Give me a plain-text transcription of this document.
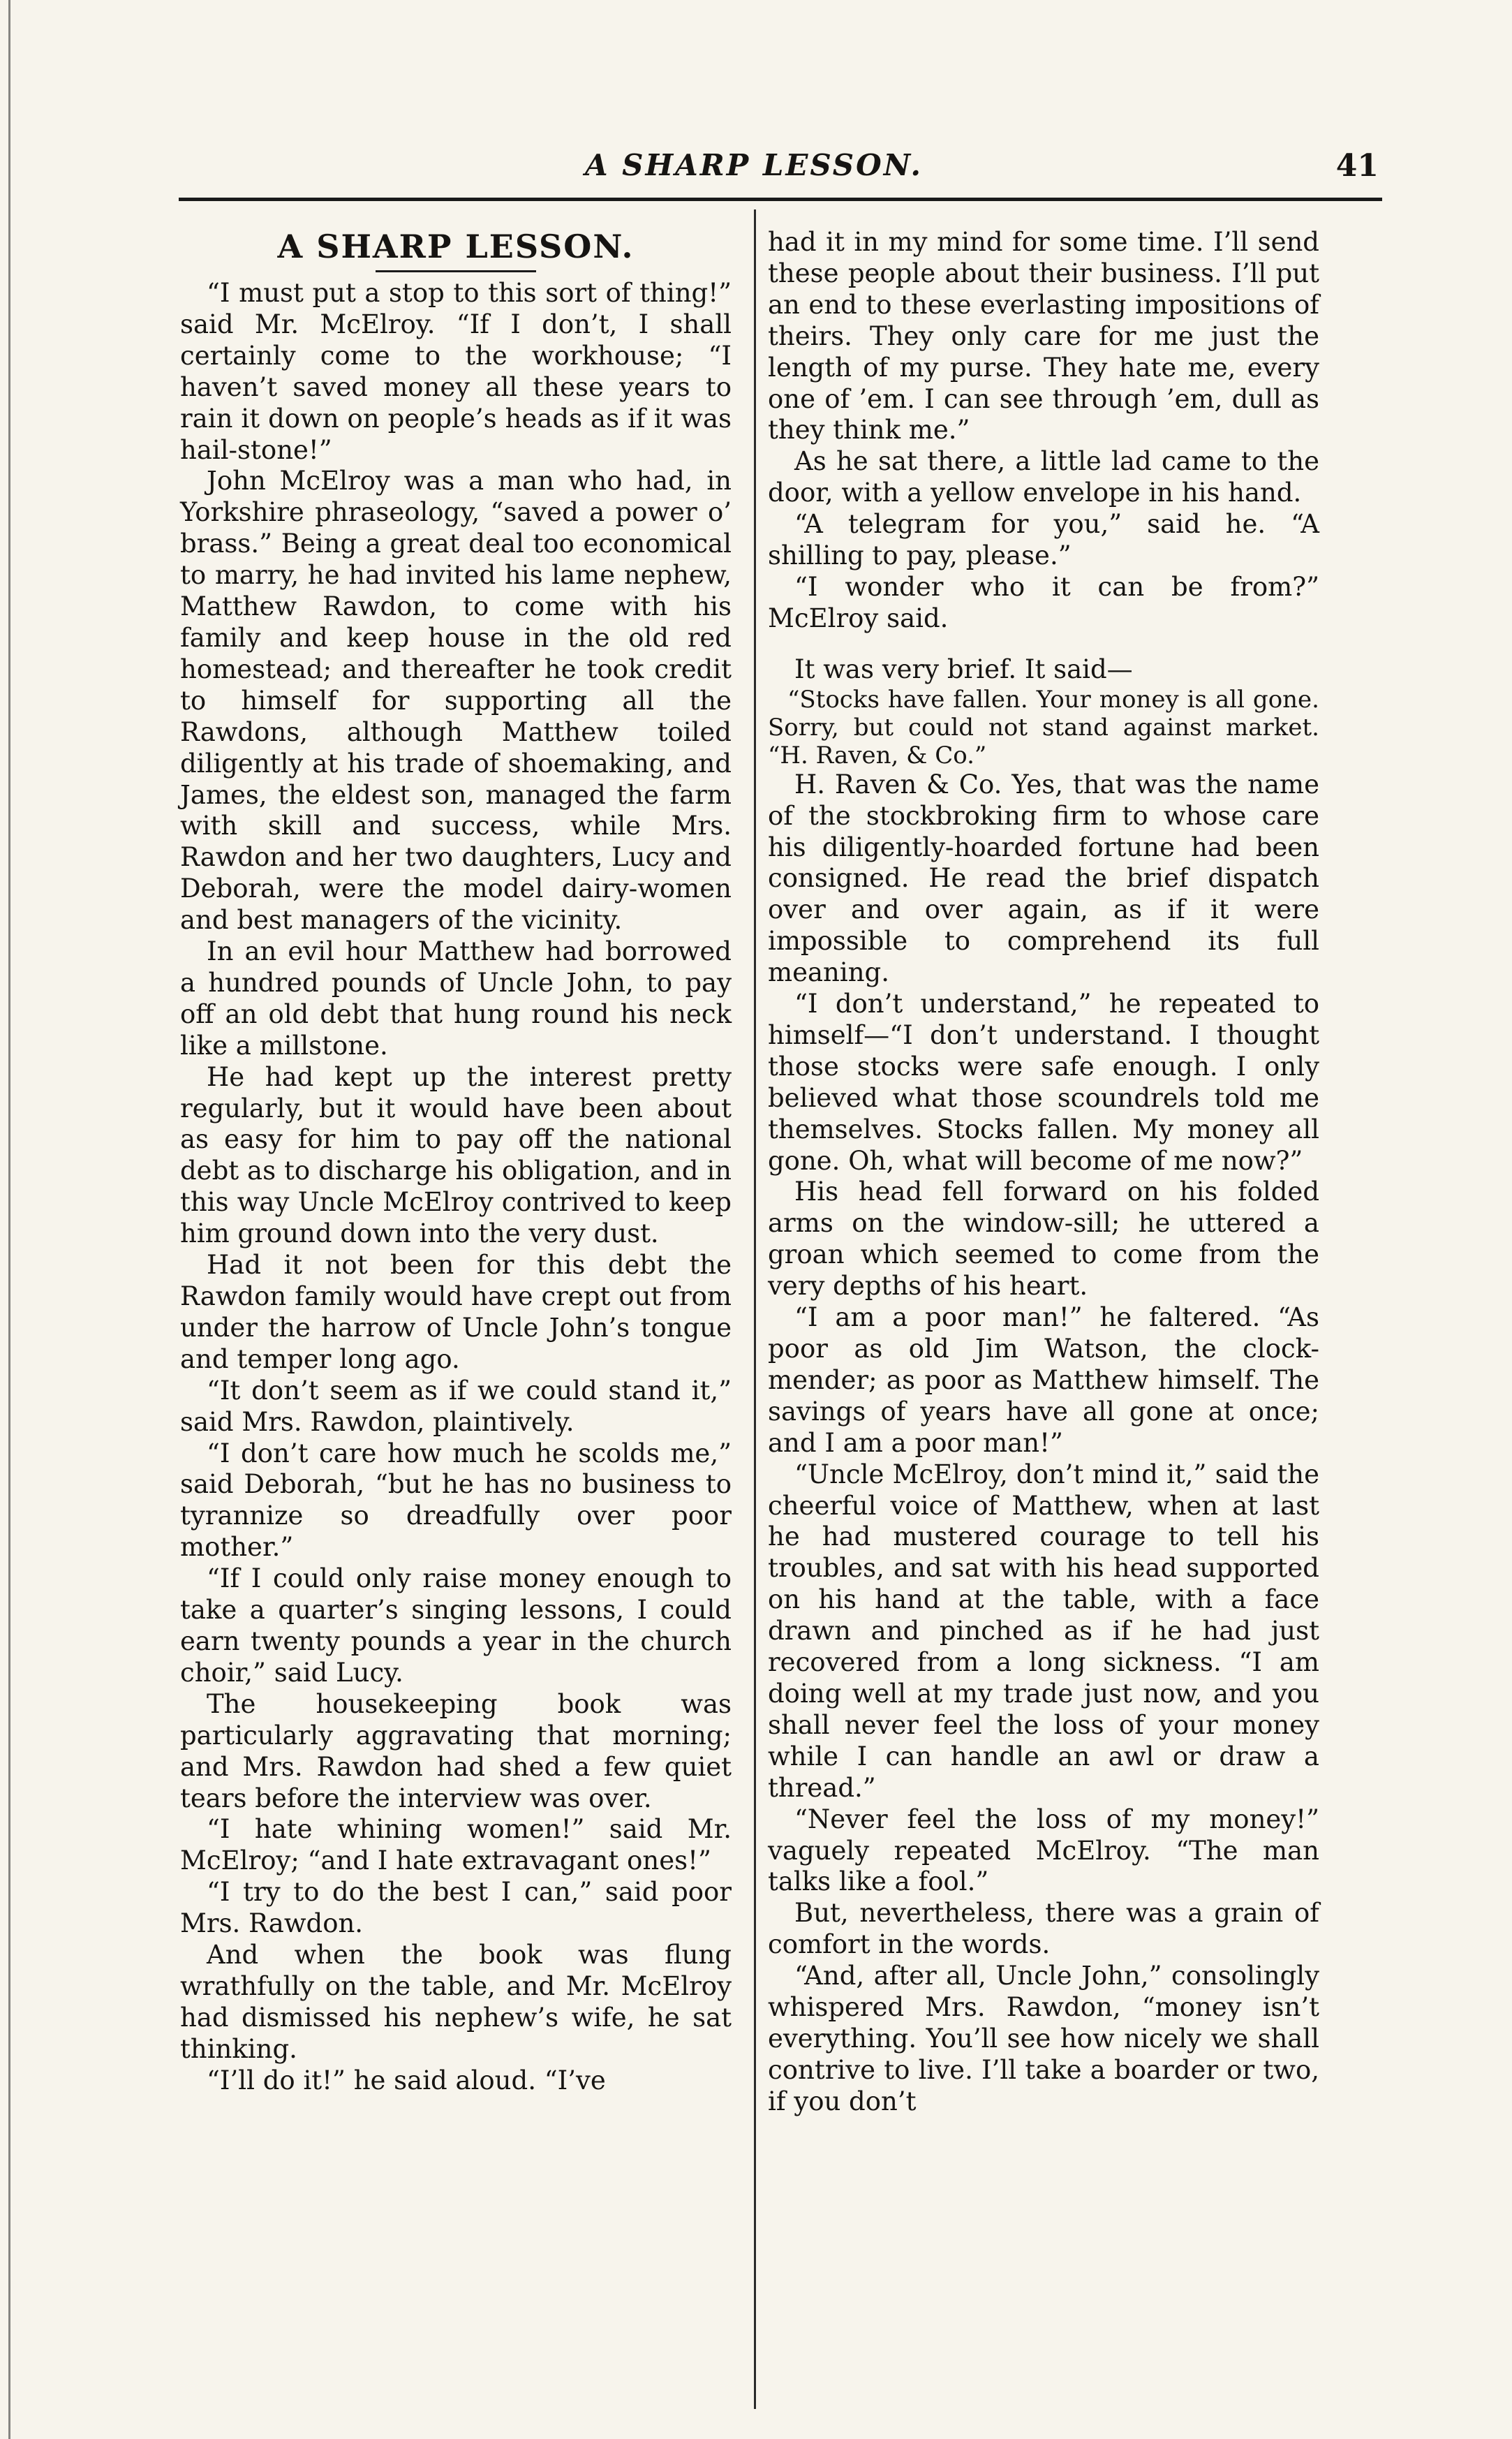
A SHARP LESSON.	41
A SHARP LESSON.

“I must put a stop to this sort of thing!” said Mr. McElroy. “If I don’t, I shall certainly come to the workhouse; “I haven’t saved money all these years to rain it down on people’s heads as if it was hail-stone!”

John McElroy was a man who had, in Yorkshire phraseology, “saved a power o’ brass.” Being a great deal too economical to marry, he had invited his lame nephew, Matthew Rawdon, to come with his family and keep house in the old red homestead; and thereafter he took credit to himself for supporting all the Rawdons, although Matthew toiled diligently at his trade of shoemaking, and James, the eldest son, managed the farm with skill and success, while Mrs. Rawdon and her two daughters, Lucy and Deborah, were the model dairy-women and best managers of the vicinity.

In an evil hour Matthew had borrowed a hundred pounds of Uncle John, to pay off an old debt that hung round his neck like a millstone.

He had kept up the interest pretty regularly, but it would have been about as easy for him to pay off the national debt as to discharge his obligation, and in this way Uncle McElroy contrived to keep him ground down into the very dust.

Had it not been for this debt the Rawdon family would have crept out from under the harrow of Uncle John’s tongue and temper long ago.

“It don’t seem as if we could stand it,” said Mrs. Rawdon, plaintively.

“I don’t care how much he scolds me,” said Deborah, “but he has no business to tyrannize so dreadfully over poor mother.”

“If I could only raise money enough to take a quarter’s singing lessons, I could earn twenty pounds a year in the church choir,” said Lucy.

The housekeeping book was particularly aggravating that morning; and Mrs. Rawdon had shed a few quiet tears before the interview was over.

“I hate whining women!” said Mr. McElroy; “and I hate extravagant ones!”

“I try to do the best I can,” said poor Mrs. Rawdon.

And when the book was flung wrathfully on the table, and Mr. McElroy had dismissed his nephew’s wife, he sat thinking.

“I’ll do it!” he said aloud. “I’ve

had it in my mind for some time. I’ll send these people about their business. I’ll put an end to these everlasting impositions of theirs. They only care for me just the length of my purse. They hate me, every one of ’em. I can see through ’em, dull as they think me.”

As he sat there, a little lad came to the door, with a yellow envelope in his hand.

“A telegram for you,” said he. “A shilling to pay, please.”

“I wonder who it can be from?” McElroy said.

It was very brief. It said—

“Stocks have fallen. Your money is all gone. Sorry, but could not stand against market. “H. Raven, & Co.”

H. Raven & Co. Yes, that was the name of the stockbroking firm to whose care his diligently-hoarded fortune had been consigned. He read the brief dispatch over and over again, as if it were impossible to comprehend its full meaning.

“I don’t understand,” he repeated to himself—“I don’t understand. I thought those stocks were safe enough. I only believed what those scoundrels told me themselves. Stocks fallen. My money all gone. Oh, what will become of me now?”

His head fell forward on his folded arms on the window-sill; he uttered a groan which seemed to come from the very depths of his heart.

“I am a poor man!” he faltered. “As poor as old Jim Watson, the clock-mender; as poor as Matthew himself. The savings of years have all gone at once; and I am a poor man!”

“Uncle McElroy, don’t mind it,” said the cheerful voice of Matthew, when at last he had mustered courage to tell his troubles, and sat with his head supported on his hand at the table, with a face drawn and pinched as if he had just recovered from a long sickness. “I am doing well at my trade just now, and you shall never feel the loss of your money while I can handle an awl or draw a thread.”

“Never feel the loss of my money!” vaguely repeated McElroy. “The man talks like a fool.”

But, nevertheless, there was a grain of comfort in the words.

“And, after all, Uncle John,” consolingly whispered Mrs. Rawdon, “money isn’t everything. You’ll see how nicely we shall contrive to live. I’ll take a boarder or two, if you don’t
